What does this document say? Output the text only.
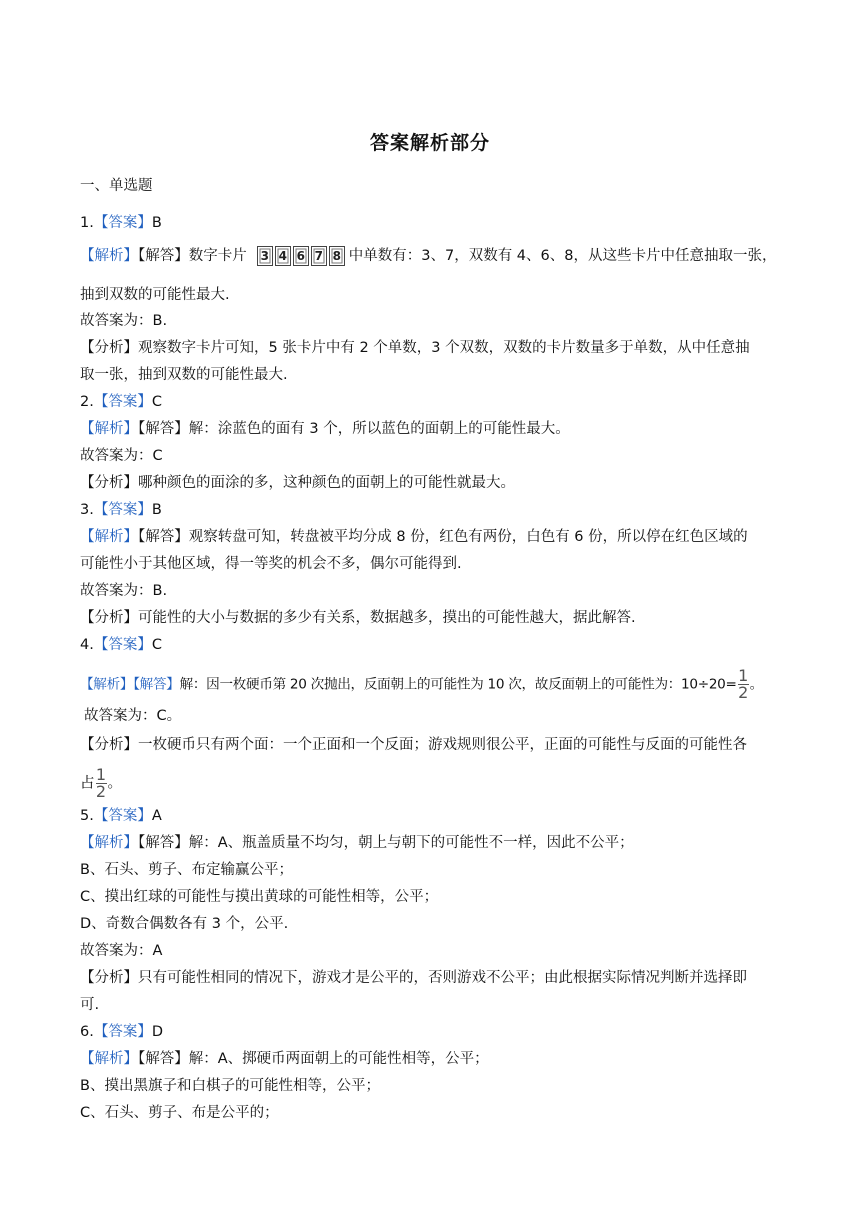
答案解析部分
一、单选题
1.【答案】B
【解析】【解答】数字卡片	3 4 6 7 8 中单数有：3、7，双数有 4、6、8，从这些卡片中任意抽取一张，
抽到双数的可能性最大.
故答案为：B.
【分析】观察数字卡片可知，5 张卡片中有 2 个单数，3 个双数，双数的卡片数量多于单数，从中任意抽
取一张，抽到双数的可能性最大.
2.【答案】C
【解析】【解答】解：涂蓝色的面有 3 个，所以蓝色的面朝上的可能性最大。
故答案为：C
【分析】哪种颜色的面涂的多，这种颜色的面朝上的可能性就最大。
3.【答案】B
【解析】【解答】观察转盘可知，转盘被平均分成 8 份，红色有两份，白色有 6 份，所以停在红色区域的
可能性小于其他区域，得一等奖的机会不多，偶尔可能得到.
故答案为：B.
【分析】可能性的大小与数据的多少有关系，数据越多，摸出的可能性越大，据此解答.
4.【答案】C
【解析】【解答】解：因一枚硬币第 20 次抛出，反面朝上的可能性为 10 次，故反面朝上的可能性为：$10\div 20= \frac{1}{2}$ 。
故答案为：C。
【分析】一枚硬币只有两个面：一个正面和一个反面；游戏规则很公平，正面的可能性与反面的可能性各
占 $\frac{1}{2}$ 。
5.【答案】A
【解析】【解答】解：A、瓶盖质量不均匀，朝上与朝下的可能性不一样，因此不公平；
B、石头、剪子、布定输赢公平；
C、摸出红球的可能性与摸出黄球的可能性相等，公平；
D、奇数合偶数各有 3 个，公平.
故答案为：A
【分析】只有可能性相同的情况下，游戏才是公平的，否则游戏不公平；由此根据实际情况判断并选择即
可.
6.【答案】D
【解析】【解答】解：A、掷硬币两面朝上的可能性相等，公平；
B、摸出黑旗子和白棋子的可能性相等，公平；
C、石头、剪子、布是公平的；
